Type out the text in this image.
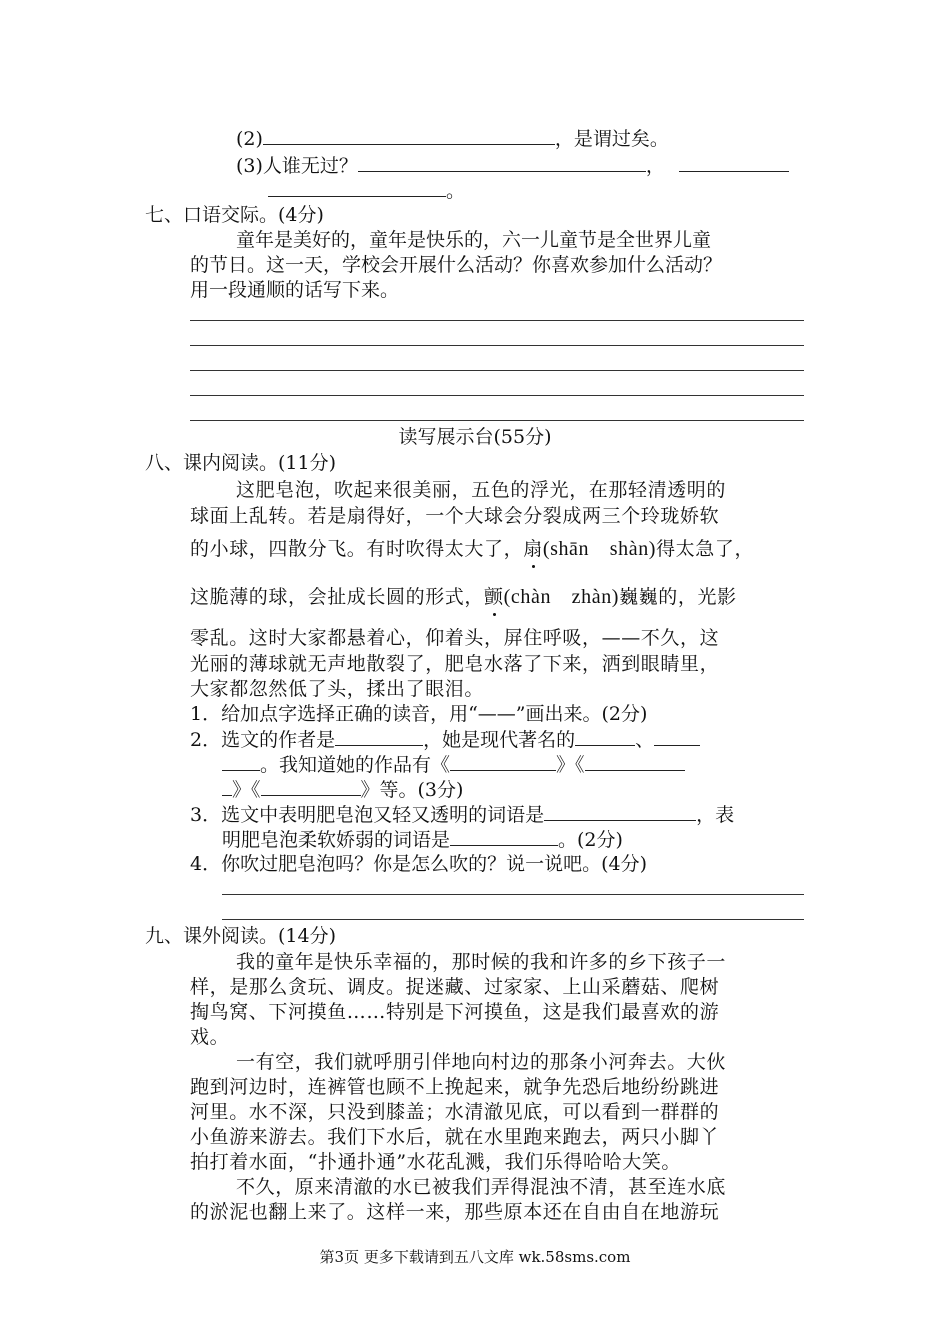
(2)	，是谓过矣。
(3)人谁无过？	，
。
七、口语交际。(4分)
童年是美好的，童年是快乐的，六一儿童节是全世界儿童
的节日。这一天，学校会开展什么活动？你喜欢参加什么活动？
用一段通顺的话写下来。
读写展示台(55分)
八、课内阅读。(11分)
这肥皂泡，吹起来很美丽，五色的浮光，在那轻清透明的
球面上乱转。若是扇得好，一个大球会分裂成两三个玲珑娇软
的小球，四散分飞。有时吹得太大了，扇(shān　shàn)得太急了，
这脆薄的球，会扯成长圆的形式，颤(chàn　zhàn)巍巍的，光影
零乱。这时大家都悬着心，仰着头，屏住呼吸，——不久，这
光丽的薄球就无声地散裂了，肥皂水落了下来，洒到眼睛里，
大家都忽然低了头，揉出了眼泪。
1．给加点字选择正确的读音，用“——”画出来。(2分)
2．选文的作者是	，她是现代著名的	、
。我知道她的作品有《	》《
》《	》等。(3分)
3．选文中表明肥皂泡又轻又透明的词语是	，表
明肥皂泡柔软娇弱的词语是	。(2分)
4．你吹过肥皂泡吗？你是怎么吹的？说一说吧。(4分)
九、课外阅读。(14分)
我的童年是快乐幸福的，那时候的我和许多的乡下孩子一
样，是那么贪玩、调皮。捉迷藏、过家家、上山采蘑菇、爬树
掏鸟窝、下河摸鱼……特别是下河摸鱼，这是我们最喜欢的游
戏。
一有空，我们就呼朋引伴地向村边的那条小河奔去。大伙
跑到河边时，连裤管也顾不上挽起来，就争先恐后地纷纷跳进
河里。水不深，只没到膝盖；水清澈见底，可以看到一群群的
小鱼游来游去。我们下水后，就在水里跑来跑去，两只小脚丫
拍打着水面，“扑通扑通”水花乱溅，我们乐得哈哈大笑。
不久，原来清澈的水已被我们弄得混浊不清，甚至连水底
的淤泥也翻上来了。这样一来，那些原本还在自由自在地游玩
第3页 更多下载请到五八文库 wk.58sms.com
